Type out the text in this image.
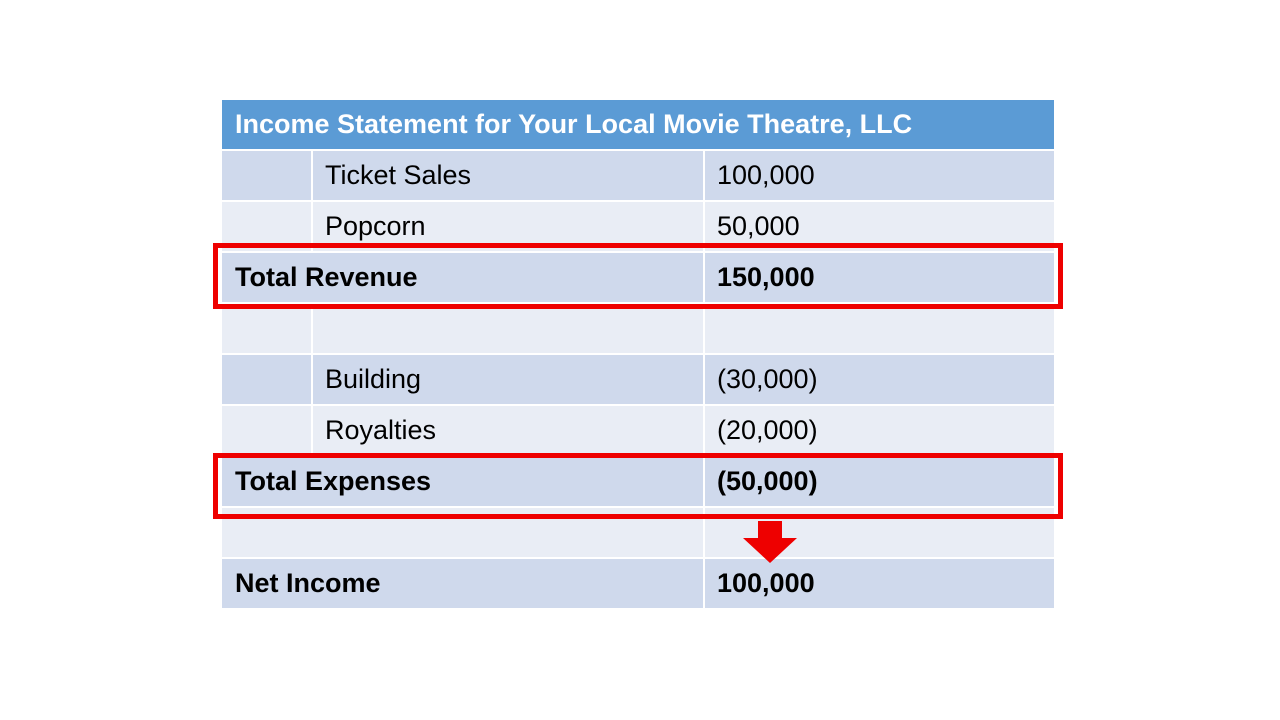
Income Statement for Your Local Movie Theatre, LLC
Ticket Sales	100,000
Popcorn	50,000
Total Revenue	150,000
Building	(30,000)
Royalties	(20,000)
Total Expenses	(50,000)
Net Income	100,000
